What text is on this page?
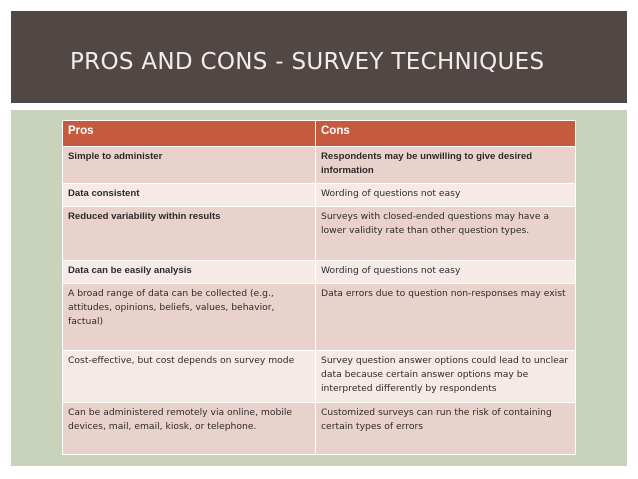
PROS AND CONS - SURVEY TECHNIQUES
Pros	Cons
Simple to administer	Respondents may be unwilling to give desired information
Data consistent	Wording of questions not easy
Reduced variability within results	Surveys with closed-ended questions may have a lower validity rate than other question types.
Data can be easily analysis	Wording of questions not easy
A broad range of data can be collected (e.g., attitudes, opinions, beliefs, values, behavior, factual)	Data errors due to question non-responses may exist
Cost-effective, but cost depends on survey mode	Survey question answer options could lead to unclear data because certain answer options may be interpreted differently by respondents
Can be administered remotely via online, mobile devices, mail, email, kiosk, or telephone.	Customized surveys can run the risk of containing certain types of errors
